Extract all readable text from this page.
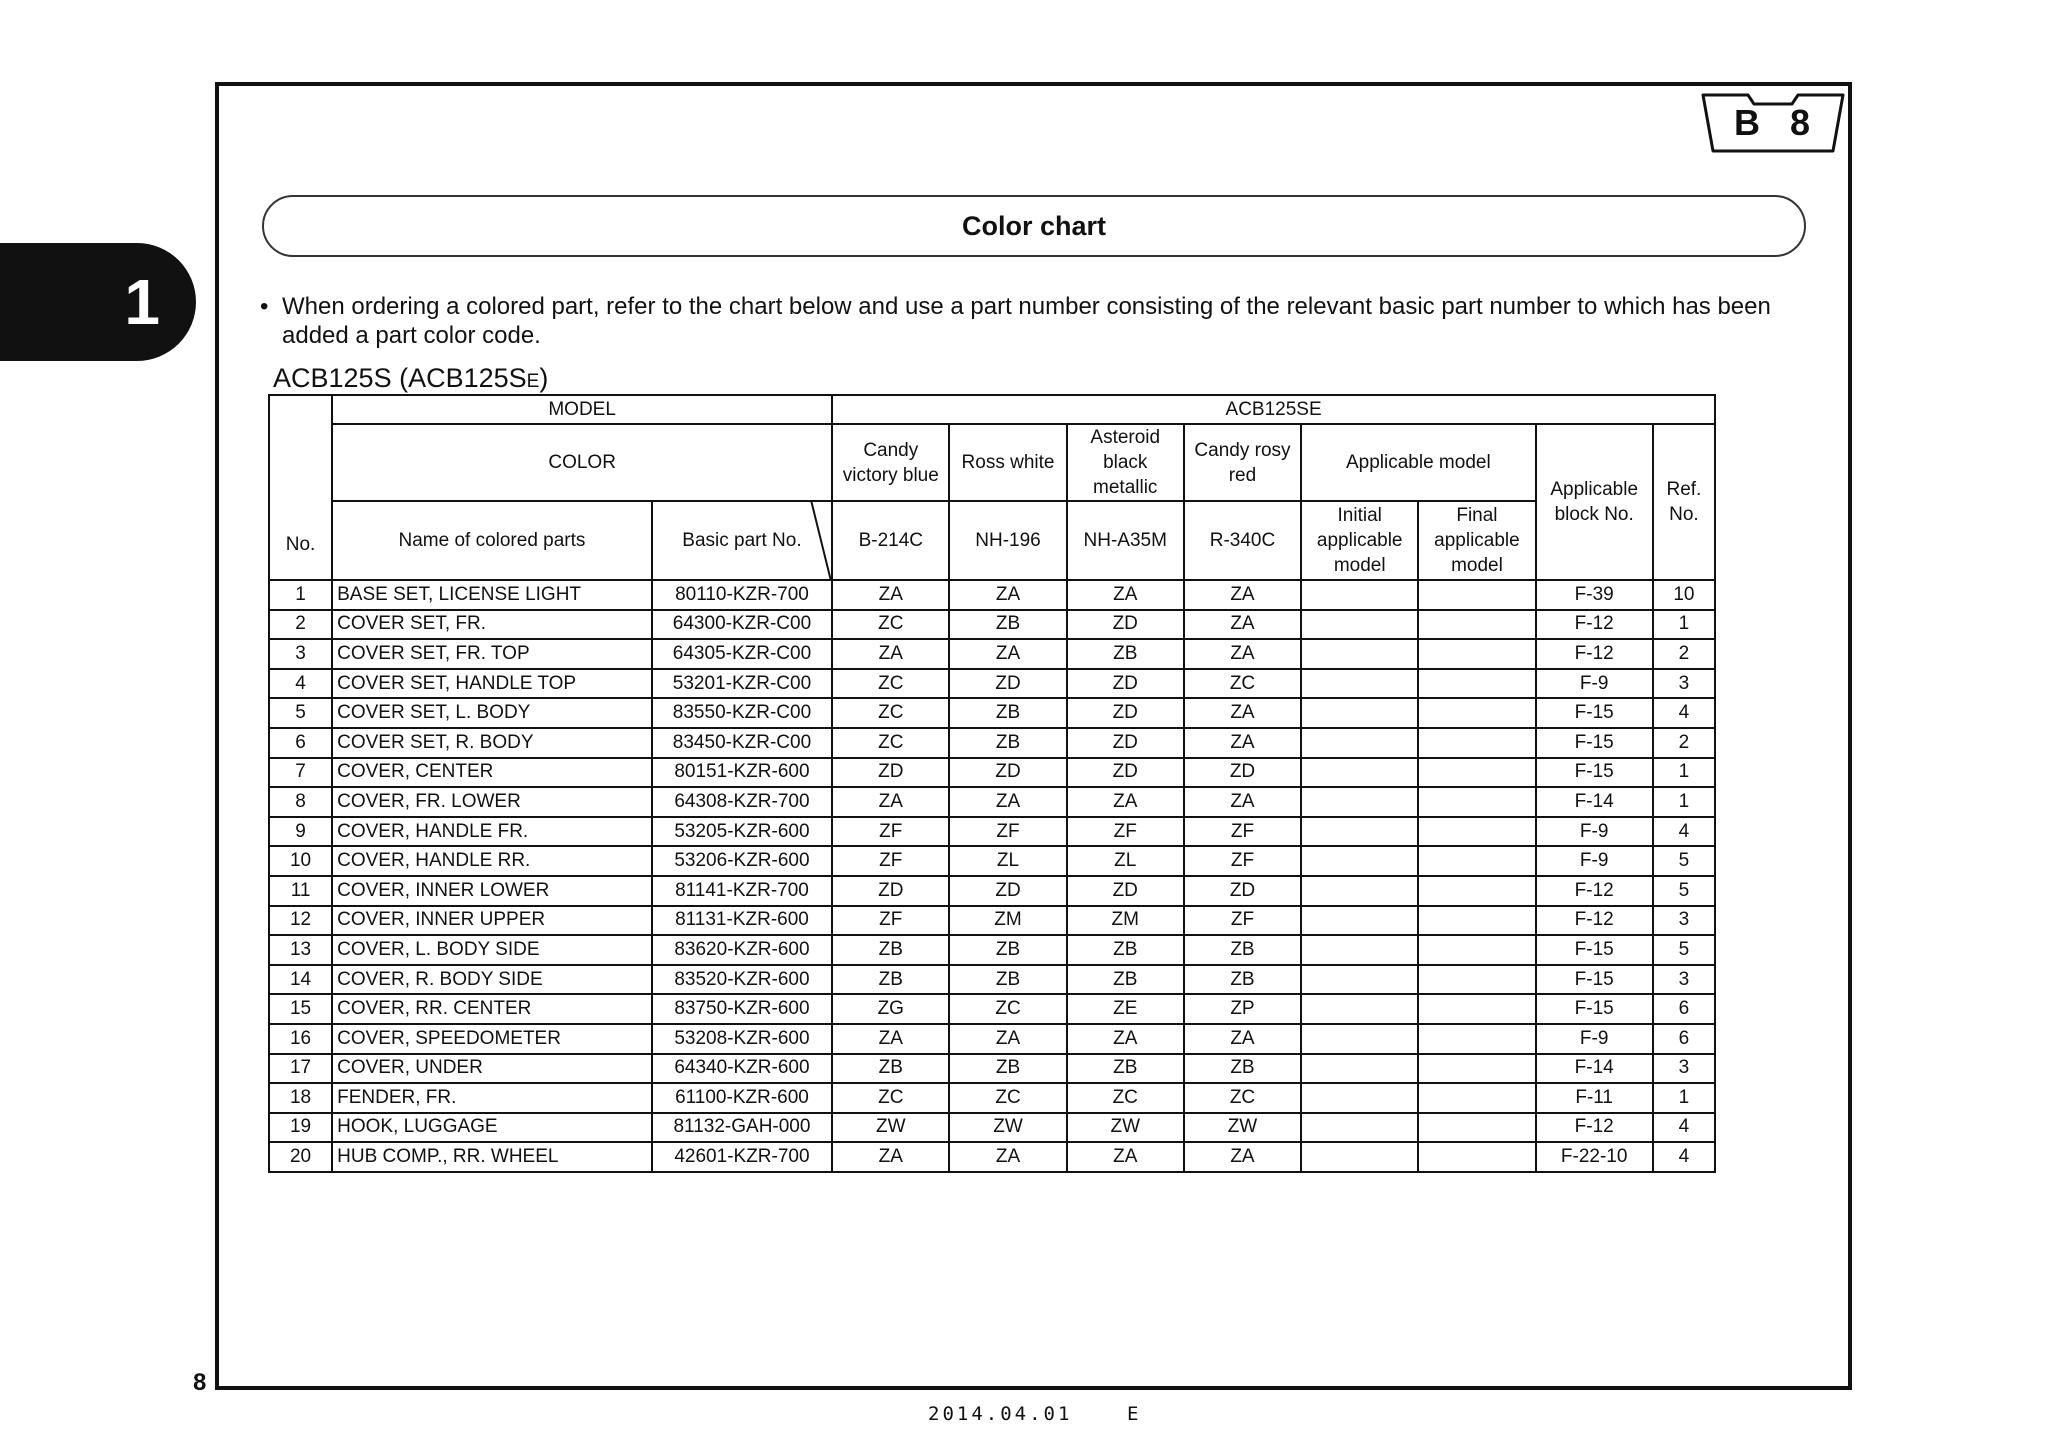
1
B 8
Color chart
• When ordering a colored part, refer to the chart below and use a part number consisting of the relevant basic part number to which has been added a part color code.
ACB125S (ACB125SE)
No.	MODEL		ACB125SE							
	COLOR		Candy victory blue	Ross white	Asteroid black metallic	Candy rosy red	Applicable model		Applicable block No.	Ref. No.
	Name of colored parts	Basic part No.	B-214C	NH-196	NH-A35M	R-340C	Initial applicable model	Final applicable model		
1	BASE SET, LICENSE LIGHT	80110-KZR-700	ZA	ZA	ZA	ZA			F-39	10
2	COVER SET, FR.	64300-KZR-C00	ZC	ZB	ZD	ZA			F-12	1
3	COVER SET, FR. TOP	64305-KZR-C00	ZA	ZA	ZB	ZA			F-12	2
4	COVER SET, HANDLE TOP	53201-KZR-C00	ZC	ZD	ZD	ZC			F-9	3
5	COVER SET, L. BODY	83550-KZR-C00	ZC	ZB	ZD	ZA			F-15	4
6	COVER SET, R. BODY	83450-KZR-C00	ZC	ZB	ZD	ZA			F-15	2
7	COVER, CENTER	80151-KZR-600	ZD	ZD	ZD	ZD			F-15	1
8	COVER, FR. LOWER	64308-KZR-700	ZA	ZA	ZA	ZA			F-14	1
9	COVER, HANDLE FR.	53205-KZR-600	ZF	ZF	ZF	ZF			F-9	4
10	COVER, HANDLE RR.	53206-KZR-600	ZF	ZL	ZL	ZF			F-9	5
11	COVER, INNER LOWER	81141-KZR-700	ZD	ZD	ZD	ZD			F-12	5
12	COVER, INNER UPPER	81131-KZR-600	ZF	ZM	ZM	ZF			F-12	3
13	COVER, L. BODY SIDE	83620-KZR-600	ZB	ZB	ZB	ZB			F-15	5
14	COVER, R. BODY SIDE	83520-KZR-600	ZB	ZB	ZB	ZB			F-15	3
15	COVER, RR. CENTER	83750-KZR-600	ZG	ZC	ZE	ZP			F-15	6
16	COVER, SPEEDOMETER	53208-KZR-600	ZA	ZA	ZA	ZA			F-9	6
17	COVER, UNDER	64340-KZR-600	ZB	ZB	ZB	ZB			F-14	3
18	FENDER, FR.	61100-KZR-600	ZC	ZC	ZC	ZC			F-11	1
19	HOOK, LUGGAGE	81132-GAH-000	ZW	ZW	ZW	ZW			F-12	4
20	HUB COMP., RR. WHEEL	42601-KZR-700	ZA	ZA	ZA	ZA			F-22-10	4
8
2014.04.01	E
